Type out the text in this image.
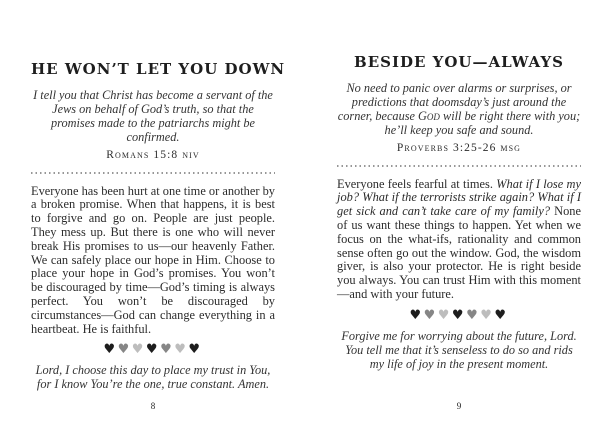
HE WON’T LET YOU DOWN
I tell you that Christ has become a servant of the Jews on behalf of God’s truth, so that the promises made to the patriarchs might be confirmed.
Romans 15:8 niv

Everyone has been hurt at one time or another by a broken promise. When that happens, it is best to forgive and go on. People are just people. They mess up. But there is one who will never break His promises to us—our heavenly Father. We can safely place our hope in Him. Choose to place your hope in God’s promises. You won’t be discouraged by time—God’s timing is always perfect. You won’t be discouraged by circumstances—God can change everything in a heartbeat. He is faithful.

♥♥♥♥♥♥♥
Lord, I choose this day to place my trust in You, for I know You’re the one, true constant. Amen.
8
BESIDE YOU—ALWAYS
No need to panic over alarms or surprises, or predictions that doomsday’s just around the corner, because God will be right there with you; he’ll keep you safe and sound.
Proverbs 3:25-26 msg

Everyone feels fearful at times. What if I lose my job? What if the terrorists strike again? What if I get sick and can’t take care of my family? None of us want these things to happen. Yet when we focus on the what-ifs, rationality and common sense often go out the window. God, the wisdom giver, is also your protector. He is right beside you always. You can trust Him with this moment—and with your future.

♥♥♥♥♥♥♥
Forgive me for worrying about the future, Lord. You tell me that it’s senseless to do so and rids my life of joy in the present moment.
9
